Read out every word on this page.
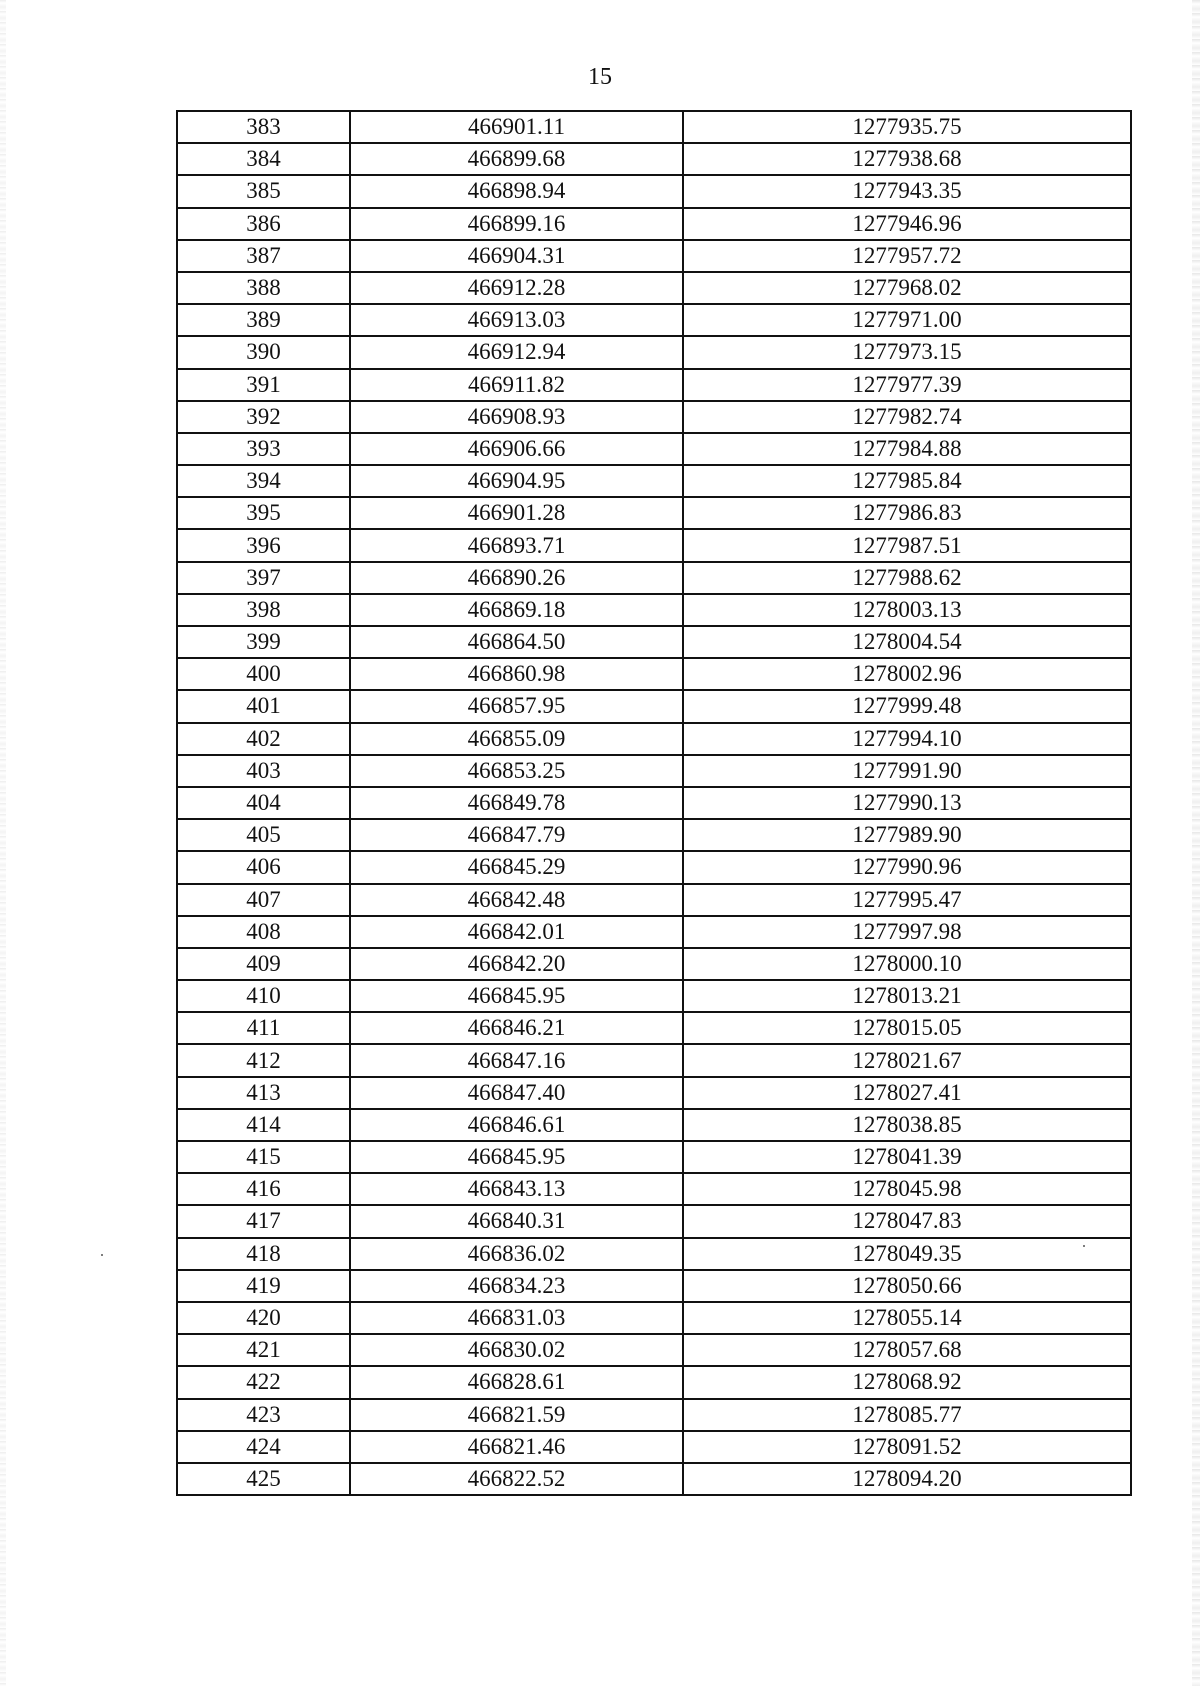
15
383	466901.11	1277935.75
384	466899.68	1277938.68
385	466898.94	1277943.35
386	466899.16	1277946.96
387	466904.31	1277957.72
388	466912.28	1277968.02
389	466913.03	1277971.00
390	466912.94	1277973.15
391	466911.82	1277977.39
392	466908.93	1277982.74
393	466906.66	1277984.88
394	466904.95	1277985.84
395	466901.28	1277986.83
396	466893.71	1277987.51
397	466890.26	1277988.62
398	466869.18	1278003.13
399	466864.50	1278004.54
400	466860.98	1278002.96
401	466857.95	1277999.48
402	466855.09	1277994.10
403	466853.25	1277991.90
404	466849.78	1277990.13
405	466847.79	1277989.90
406	466845.29	1277990.96
407	466842.48	1277995.47
408	466842.01	1277997.98
409	466842.20	1278000.10
410	466845.95	1278013.21
411	466846.21	1278015.05
412	466847.16	1278021.67
413	466847.40	1278027.41
414	466846.61	1278038.85
415	466845.95	1278041.39
416	466843.13	1278045.98
417	466840.31	1278047.83
418	466836.02	1278049.35
419	466834.23	1278050.66
420	466831.03	1278055.14
421	466830.02	1278057.68
422	466828.61	1278068.92
423	466821.59	1278085.77
424	466821.46	1278091.52
425	466822.52	1278094.20
